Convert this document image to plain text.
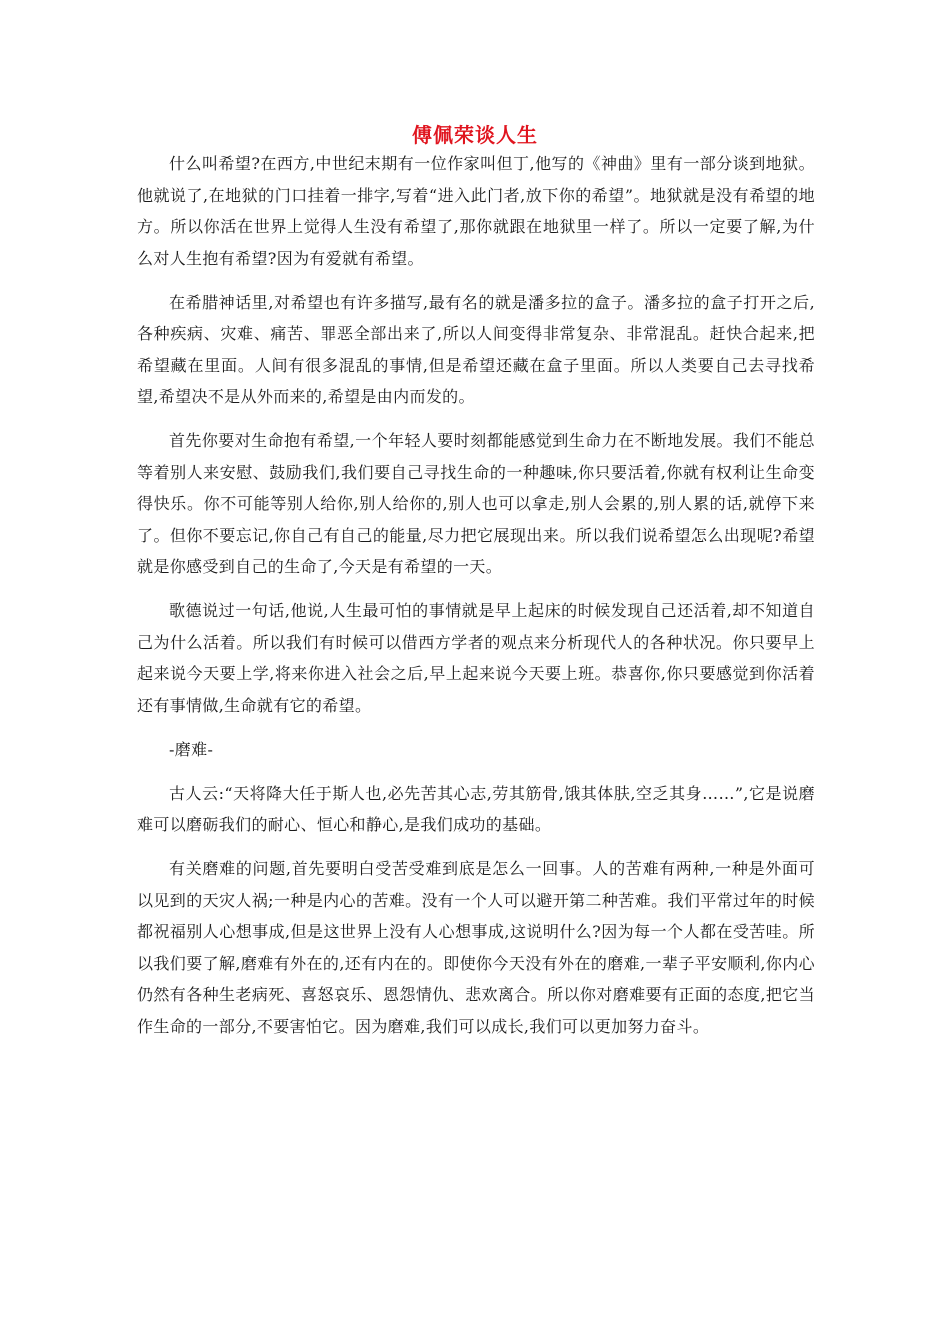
傅佩荣谈人生

什么叫希望?在西方,中世纪末期有一位作家叫但丁,他写的《神曲》里有一部分谈到地狱。他就说了,在地狱的门口挂着一排字,写着“进入此门者,放下你的希望”。地狱就是没有希望的地方。所以你活在世界上觉得人生没有希望了,那你就跟在地狱里一样了。所以一定要了解,为什么对人生抱有希望?因为有爱就有希望。

在希腊神话里,对希望也有许多描写,最有名的就是潘多拉的盒子。潘多拉的盒子打开之后,各种疾病、灾难、痛苦、罪恶全部出来了,所以人间变得非常复杂、非常混乱。赶快合起来,把希望藏在里面。人间有很多混乱的事情,但是希望还藏在盒子里面。所以人类要自己去寻找希望,希望决不是从外而来的,希望是由内而发的。

首先你要对生命抱有希望,一个年轻人要时刻都能感觉到生命力在不断地发展。我们不能总等着别人来安慰、鼓励我们,我们要自己寻找生命的一种趣味,你只要活着,你就有权利让生命变得快乐。你不可能等别人给你,别人给你的,别人也可以拿走,别人会累的,别人累的话,就停下来了。但你不要忘记,你自己有自己的能量,尽力把它展现出来。所以我们说希望怎么出现呢?希望就是你感受到自己的生命了,今天是有希望的一天。

歌德说过一句话,他说,人生最可怕的事情就是早上起床的时候发现自己还活着,却不知道自己为什么活着。所以我们有时候可以借西方学者的观点来分析现代人的各种状况。你只要早上起来说今天要上学,将来你进入社会之后,早上起来说今天要上班。恭喜你,你只要感觉到你活着还有事情做,生命就有它的希望。

-磨难-

古人云:“天将降大任于斯人也,必先苦其心志,劳其筋骨,饿其体肤,空乏其身……”,它是说磨难可以磨砺我们的耐心、恒心和静心,是我们成功的基础。

有关磨难的问题,首先要明白受苦受难到底是怎么一回事。人的苦难有两种,一种是外面可以见到的天灾人祸;一种是内心的苦难。没有一个人可以避开第二种苦难。我们平常过年的时候都祝福别人心想事成,但是这世界上没有人心想事成,这说明什么?因为每一个人都在受苦哇。所以我们要了解,磨难有外在的,还有内在的。即使你今天没有外在的磨难,一辈子平安顺利,你内心仍然有各种生老病死、喜怒哀乐、恩怨情仇、悲欢离合。所以你对磨难要有正面的态度,把它当作生命的一部分,不要害怕它。因为磨难,我们可以成长,我们可以更加努力奋斗。
